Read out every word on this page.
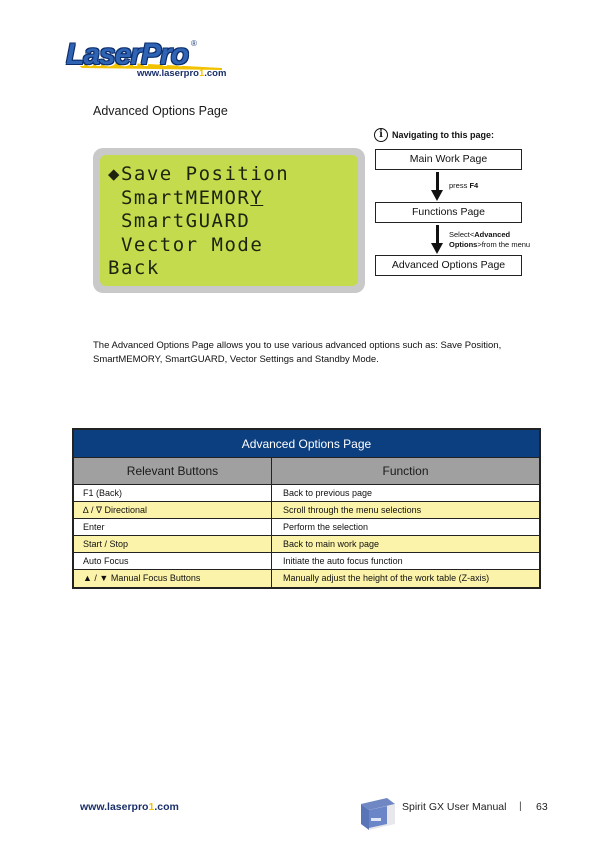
LaserPro ®
www.laserpro1.com
Advanced Options Page
◆Save Position
SmartMEMORY
SmartGUARD
Vector Mode
Back
i	Navigating to this page:
Main Work Page
press F4
Functions Page
Select<Advanced Options>from the menu
Advanced Options Page
The Advanced Options Page allows you to use various advanced options such as: Save Position, SmartMEMORY, SmartGUARD, Vector Settings and Standby Mode.
Advanced Options Page
Relevant Buttons	Function
F1 (Back)	Back to previous page
∆ / ∇ Directional	Scroll through the menu selections
Enter	Perform the selection
Start / Stop	Back to main work page
Auto Focus	Initiate the auto focus function
▲ / ▼ Manual Focus Buttons	Manually adjust the height of the work table (Z-axis)
www.laserpro1.com	Spirit GX User Manual | 63
